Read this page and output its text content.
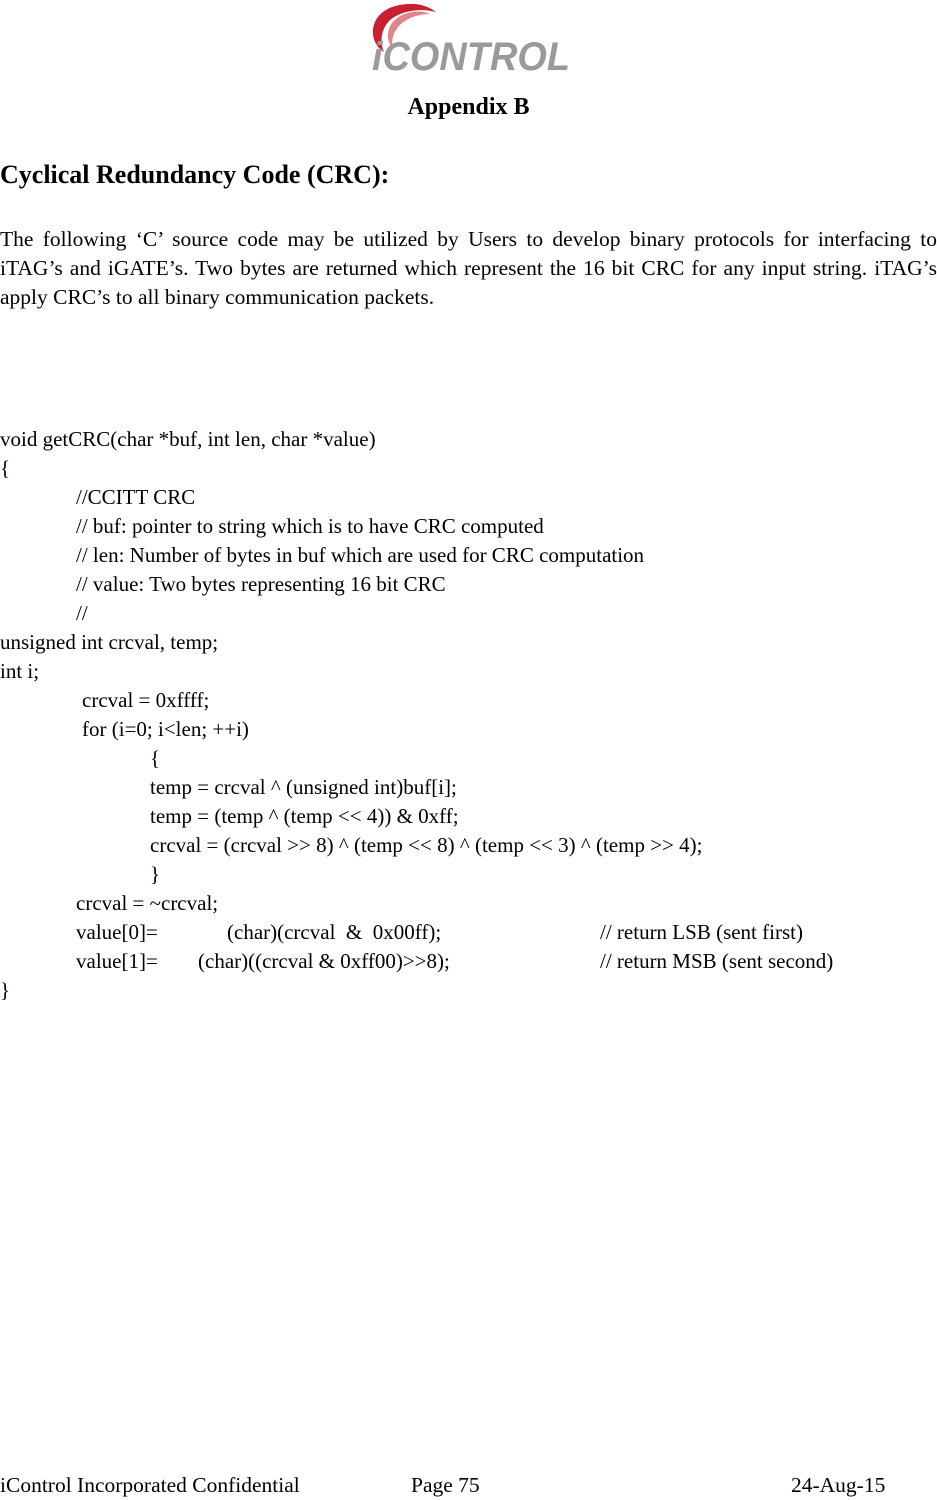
iCONTROL
Appendix B
Cyclical Redundancy Code (CRC):
The following ‘C’ source code may be utilized by Users to develop binary protocols for interfacing to iTAG’s and iGATE’s. Two bytes are returned which represent the 16 bit CRC for any input string. iTAG’s apply CRC’s to all binary communication packets.
void getCRC(char *buf, int len, char *value)
{
//CCITT CRC
// buf: pointer to string which is to have CRC computed
// len: Number of bytes in buf which are used for CRC computation
// value: Two bytes representing 16 bit CRC
//
unsigned int crcval, temp;
int i;
crcval = 0xffff;
for (i=0; i<len; ++i)
{
temp = crcval ^ (unsigned int)buf[i];
temp = (temp ^ (temp << 4)) & 0xff;
crcval = (crcval >> 8) ^ (temp << 8) ^ (temp << 3) ^ (temp >> 4);
}
crcval = ~crcval;
value[0]=	(char)(crcval  &  0x00ff);	// return LSB (sent first)
value[1]= (char)((crcval & 0xff00)>>8);	// return MSB (sent second)
}
iControl Incorporated Confidential	Page 75	24-Aug-15
